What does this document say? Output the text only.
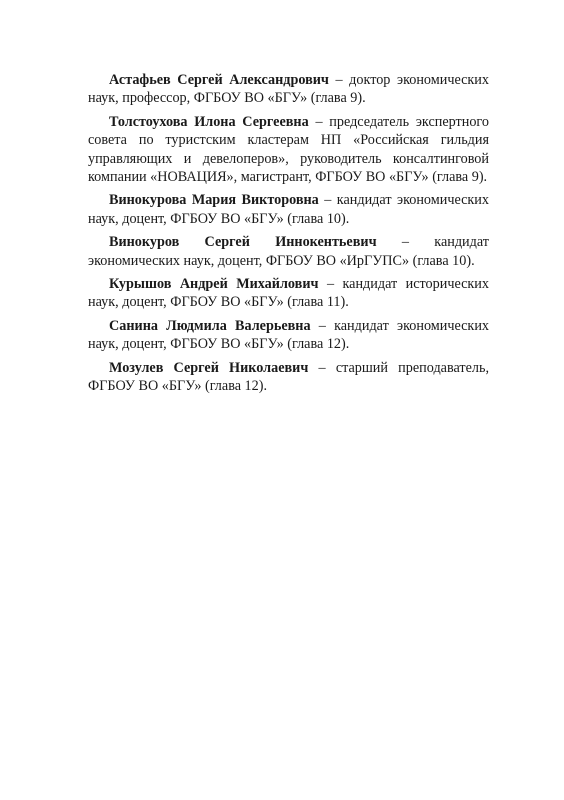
Астафьев Сергей Александрович – доктор экономических наук, профессор, ФГБОУ ВО «БГУ» (глава 9).

Толстоухова Илона Сергеевна – председатель экспертного совета по туристским кластерам НП «Российская гильдия управляющих и девелоперов», руководитель консалтинговой компании «НОВАЦИЯ», магистрант, ФГБОУ ВО «БГУ» (глава 9).

Винокурова Мария Викторовна – кандидат экономических наук, доцент, ФГБОУ ВО «БГУ» (глава 10).

Винокуров Сергей Иннокентьевич – кандидат экономических наук, доцент, ФГБОУ ВО «ИрГУПС» (глава 10).

Курышов Андрей Михайлович – кандидат исторических наук, доцент, ФГБОУ ВО «БГУ» (глава 11).

Санина Людмила Валерьевна – кандидат экономических наук, доцент, ФГБОУ ВО «БГУ» (глава 12).

Мозулев Сергей Николаевич – старший преподаватель, ФГБОУ ВО «БГУ» (глава 12).
